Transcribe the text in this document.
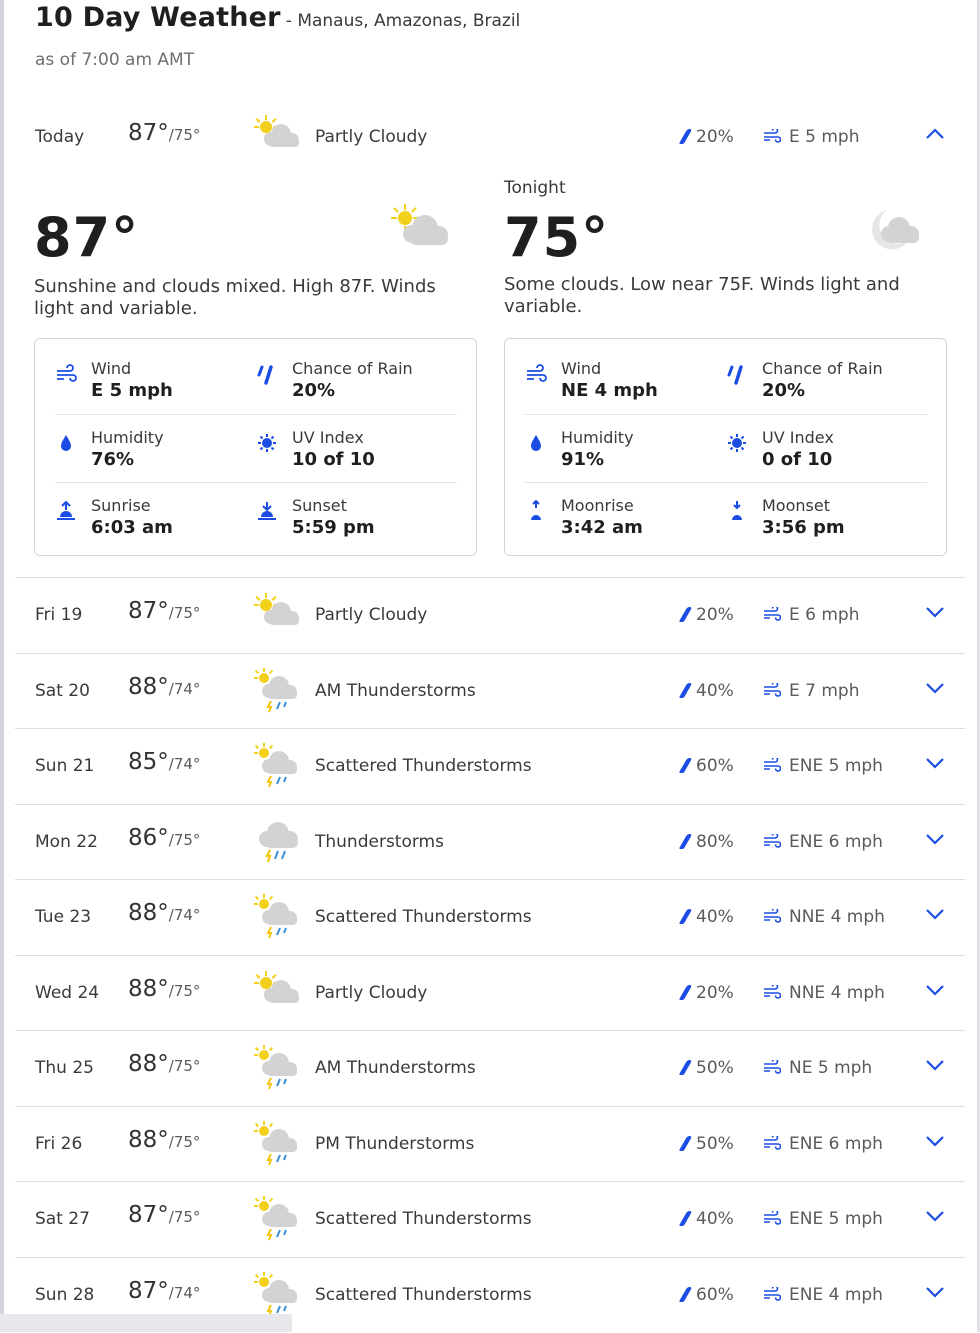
10 Day Weather - Manaus, Amazonas, Brazil
as of 7:00 am AMT
Today 87°/75°	Partly Cloudy	20%	E 5 mph
87°
Sunshine and clouds mixed. High 87F. Winds light and variable.
Wind
E 5 mph
Chance of Rain
20%
Humidity
76%
UV Index
10 of 10
Sunrise
6:03 am
Sunset
5:59 pm
Tonight
75°
Some clouds. Low near 75F. Winds light and variable.
Wind
NE 4 mph
Chance of Rain
20%
Humidity
91%
UV Index
0 of 10
Moonrise
3:42 am
Moonset
3:56 pm
Fri 19 87°/75°	Partly Cloudy	20%	E 6 mph
Sat 20 88°/74°	AM Thunderstorms	40%	E 7 mph
Sun 21 85°/74°	Scattered Thunderstorms	60%	ENE 5 mph
Mon 22 86°/75°	Thunderstorms	80%	ENE 6 mph
Tue 23 88°/74°	Scattered Thunderstorms	40%	NNE 4 mph
Wed 24 88°/75°	Partly Cloudy	20%	NNE 4 mph
Thu 25 88°/75°	AM Thunderstorms	50%	NE 5 mph
Fri 26 88°/75°	PM Thunderstorms	50%	ENE 6 mph
Sat 27 87°/75°	Scattered Thunderstorms	40%	ENE 5 mph
Sun 28 87°/74°	Scattered Thunderstorms	60%	ENE 4 mph
